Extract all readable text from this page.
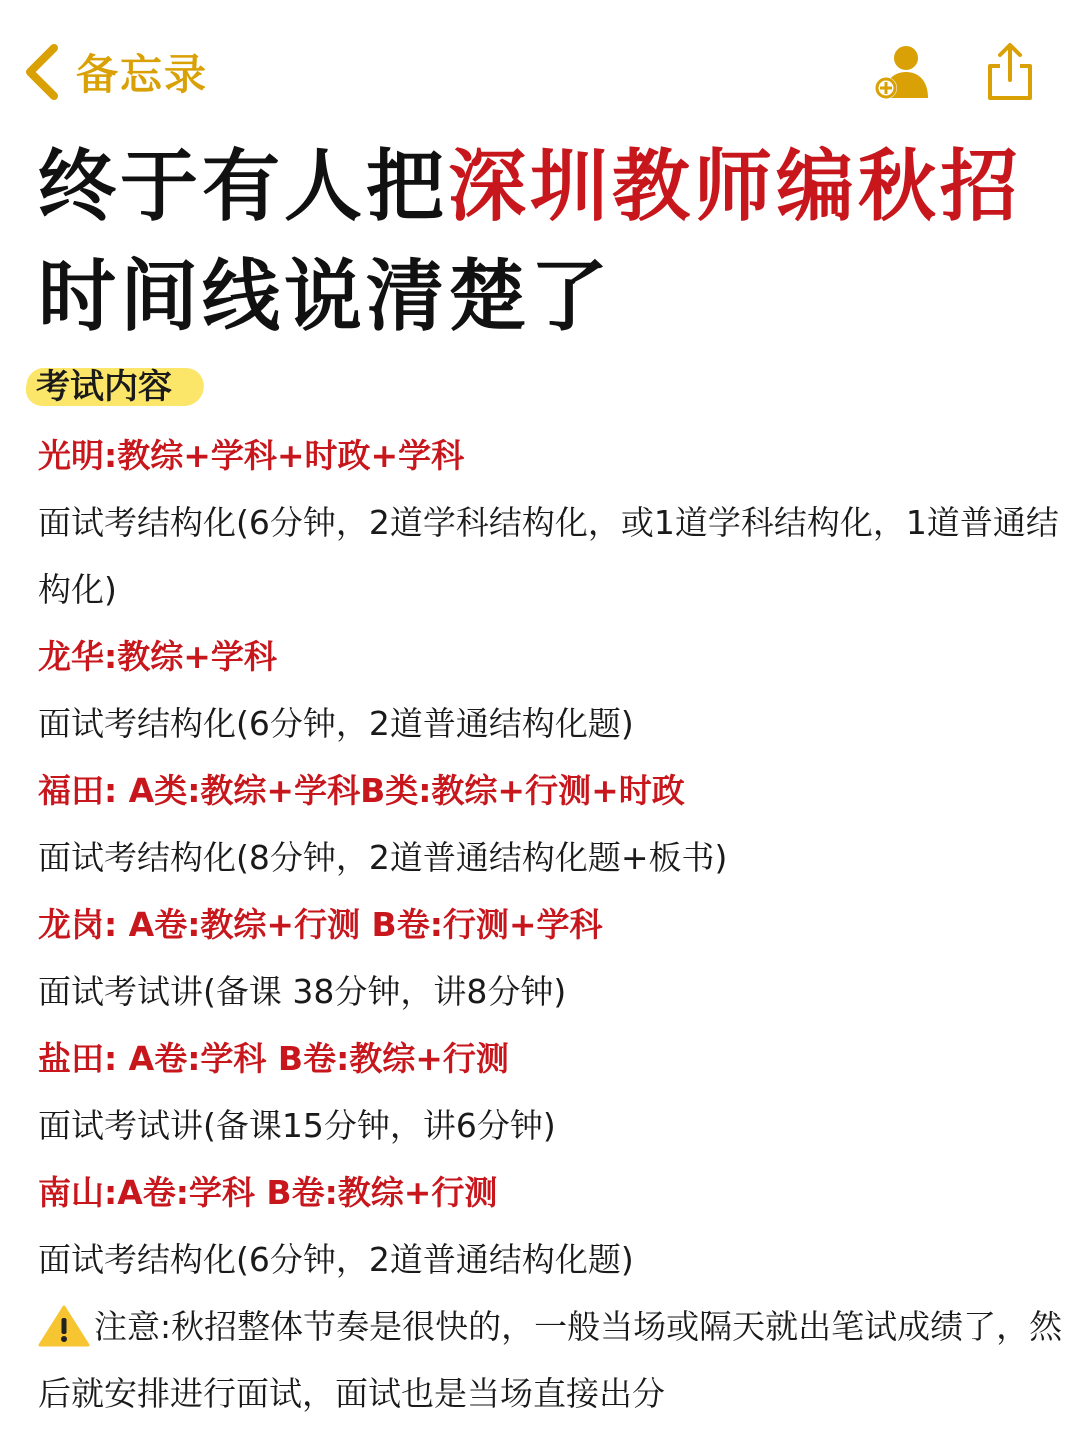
备忘录
终于有人把深圳教师编秋招
时间线说清楚了
考试内容

光明:教综+学科+时政+学科

面试考结构化(6分钟，2道学科结构化，或1道学科结构化，1道普通结构化)

龙华:教综+学科

面试考结构化(6分钟，2道普通结构化题)

福田: A类:教综+学科B类:教综+行测+时政

面试考结构化(8分钟，2道普通结构化题+板书)

龙岗: A卷:教综+行测 B卷:行测+学科

面试考试讲(备课 38分钟，讲8分钟)

盐田: A卷:学科 B卷:教综+行测

面试考试讲(备课15分钟，讲6分钟)

南山:A卷:学科 B卷:教综+行测

面试考结构化(6分钟，2道普通结构化题)

注意:秋招整体节奏是很快的，一般当场或隔天就出笔试成绩了，然后就安排进行面试，面试也是当场直接出分
